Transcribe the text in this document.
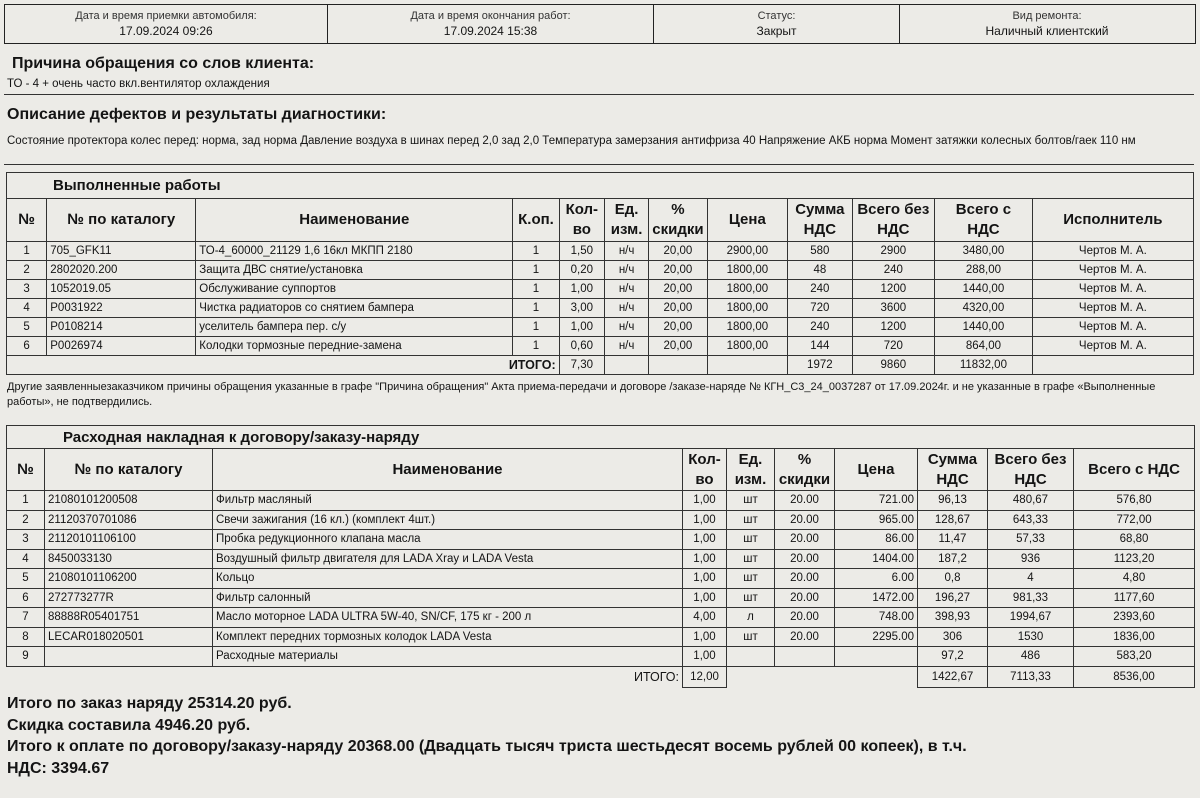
Дата и время приемки автомобиля:
17.09.2024 09:26
Дата и время окончания работ:
17.09.2024 15:38
Статус:
Закрыт
Вид ремонта:
Наличный клиентский
Причина обращения со слов клиента:
ТО - 4 + очень часто вкл.вентилятор охлаждения
Описание дефектов и результаты диагностики:
Состояние протектора колес перед: норма, зад норма Давление воздуха в шинах перед 2,0 зад 2,0 Температура замерзания антифриза 40 Напряжение АКБ норма Момент затяжки колесных болтов/гаек 110 нм
Выполненные работы											
№	№ по каталогу	Наименование	К.оп.	Кол-во	Ед. изм.	% скидки	Цена	Сумма НДС	Всего без НДС	Всего с НДС	Исполнитель
1	705_GFK11	ТО-4_60000_21129 1,6 16кл МКПП 2180	1	1,50	н/ч	20,00	2900,00	580	2900	3480,00	Чертов М. А.
2	2802020.200	Защита ДВС снятие/установка	1	0,20	н/ч	20,00	1800,00	48	240	288,00	Чертов М. А.
3	1052019.05	Обслуживание суппортов	1	1,00	н/ч	20,00	1800,00	240	1200	1440,00	Чертов М. А.
4	P0031922	Чистка радиаторов со снятием бампера	1	3,00	н/ч	20,00	1800,00	720	3600	4320,00	Чертов М. А.
5	P0108214	уселитель бампера пер. с/у	1	1,00	н/ч	20,00	1800,00	240	1200	1440,00	Чертов М. А.
6	P0026974	Колодки тормозные передние-замена	1	0,60	н/ч	20,00	1800,00	144	720	864,00	Чертов М. А.
ИТОГО:				7,30				1972	9860	11832,00	
Другие заявленныезаказчиком причины обращения указанные в графе "Причина обращения" Акта приема-передачи и договоре /заказе-наряде № КГН_С3_24_0037287 от 17.09.2024г. и не указанные в графе «Выполненные работы», не подтвердились.
Расходная накладная к договору/заказу-наряду									
№	№ по каталогу	Наименование	Кол-во	Ед. изм.	% скидки	Цена	Сумма НДС	Всего без НДС	Всего с НДС
1	21080101200508	Фильтр масляный	1,00	шт	20.00	721.00	96,13	480,67	576,80
2	21120370701086	Свечи зажигания (16 кл.) (комплект 4шт.)	1,00	шт	20.00	965.00	128,67	643,33	772,00
3	21120101106100	Пробка редукционного клапана масла	1,00	шт	20.00	86.00	11,47	57,33	68,80
4	8450033130	Воздушный фильтр двигателя для LADA Xray и LADA Vesta	1,00	шт	20.00	1404.00	187,2	936	1123,20
5	21080101106200	Кольцо	1,00	шт	20.00	6.00	0,8	4	4,80
6	272773277R	Фильтр салонный	1,00	шт	20.00	1472.00	196,27	981,33	1177,60
7	88888R05401751	Масло моторное LADA ULTRA 5W-40, SN/CF, 175 кг - 200 л	4,00	л	20.00	748.00	398,93	1994,67	2393,60
8	LECAR018020501	Комплект передних тормозных колодок LADA Vesta	1,00	шт	20.00	2295.00	306	1530	1836,00
9		Расходные материалы	1,00				97,2	486	583,20
ИТОГО:			12,00				1422,67	7113,33	8536,00
Итого по заказ наряду 25314.20 руб.
Скидка составила 4946.20 руб.
Итого к оплате по договору/заказу-наряду 20368.00 (Двадцать тысяч триста шестьдесят восемь рублей 00 копеек), в т.ч.
НДС: 3394.67
